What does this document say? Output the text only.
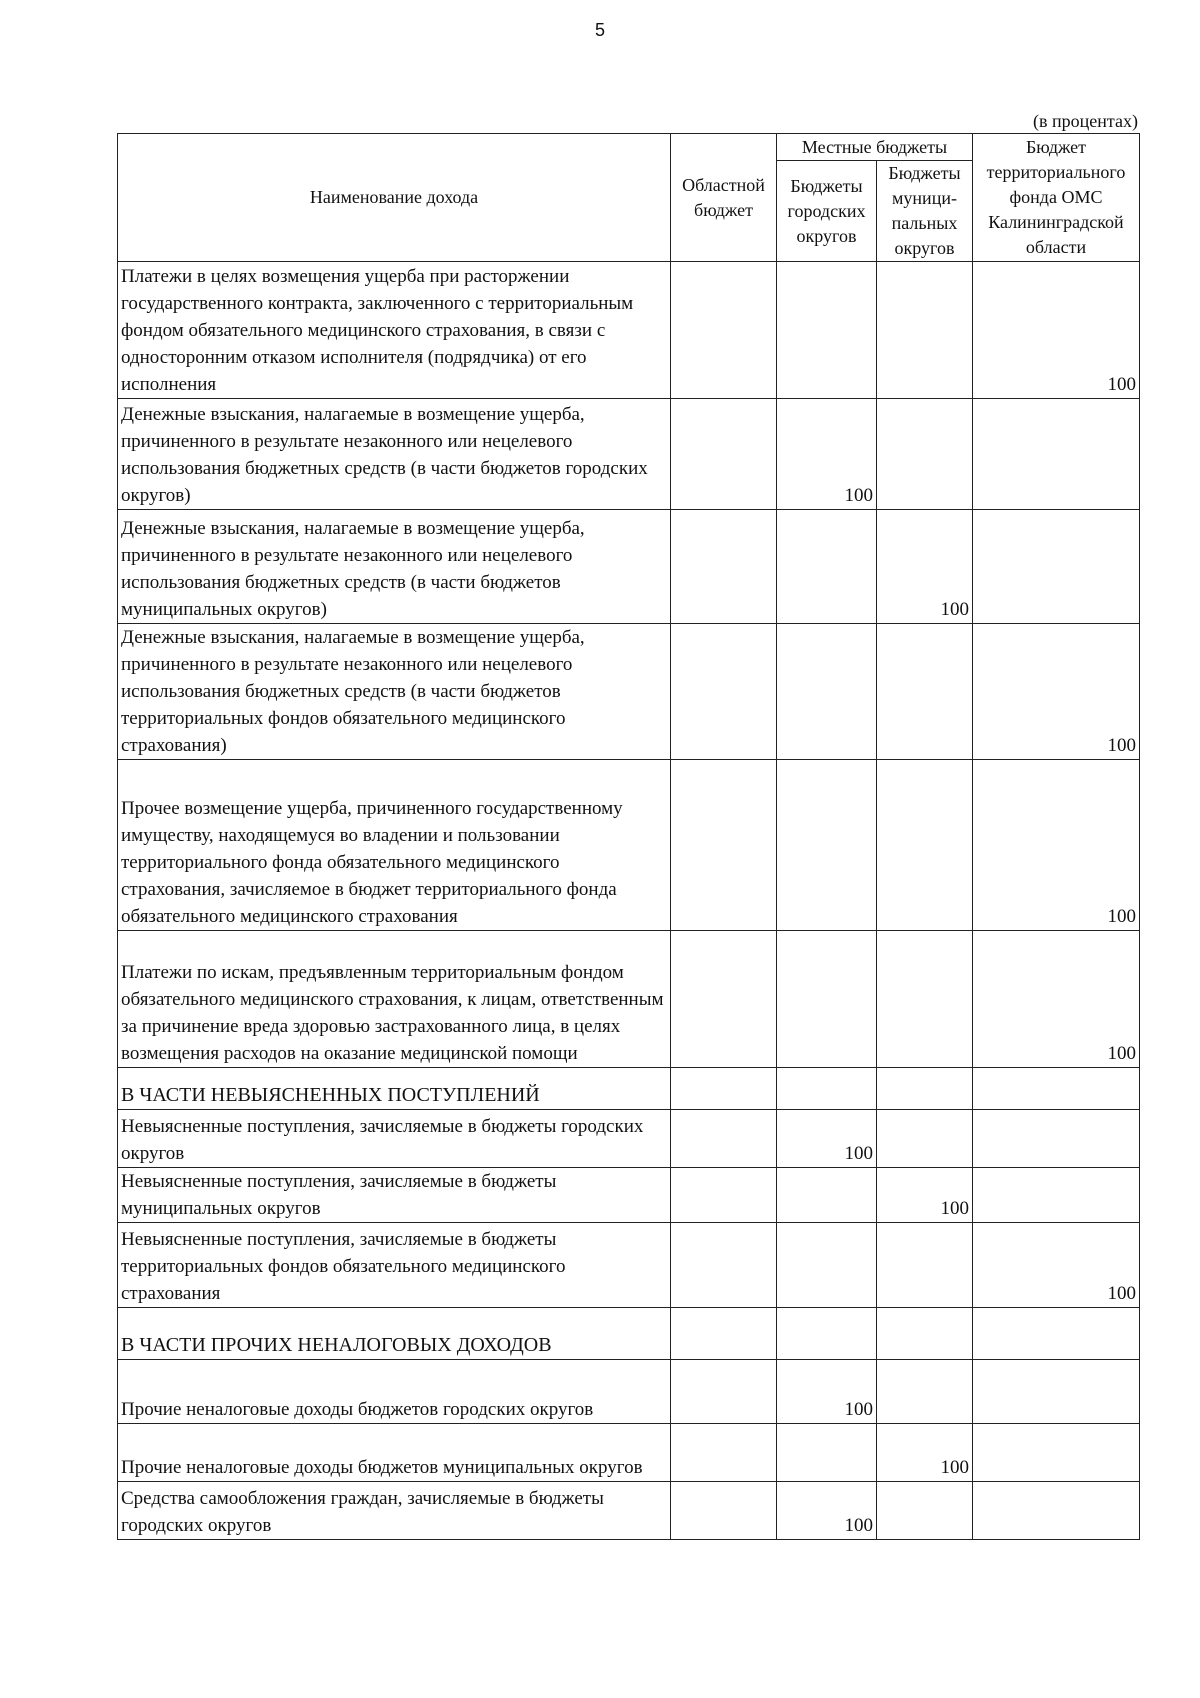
5
(в процентах)
Наименование дохода	Областной бюджет	Местные бюджеты		Бюджет территориального фонда ОМС Калининградской области
		Бюджеты городских округов	Бюджеты муници- пальных округов	
Платежи в целях возмещения ущерба при расторжении государственного контракта, заключенного с территориальным фондом обязательного медицинского страхования, в связи с односторонним отказом исполнителя (подрядчика) от его исполнения				100
Денежные взыскания, налагаемые в возмещение ущерба, причиненного в результате незаконного или нецелевого использования бюджетных средств (в части бюджетов городских округов)		100		
Денежные взыскания, налагаемые в возмещение ущерба, причиненного в результате незаконного или нецелевого использования бюджетных средств (в части бюджетов муниципальных округов)			100	
Денежные взыскания, налагаемые в возмещение ущерба, причиненного в результате незаконного или нецелевого использования бюджетных средств (в части бюджетов территориальных фондов обязательного медицинского страхования)				100
Прочее возмещение ущерба, причиненного государственному имуществу, находящемуся во владении и пользовании территориального фонда обязательного медицинского страхования, зачисляемое в бюджет территориального фонда обязательного медицинского страхования				100
Платежи по искам, предъявленным территориальным фондом обязательного медицинского страхования, к лицам, ответственным за причинение вреда здоровью застрахованного лица, в целях возмещения расходов на оказание медицинской помощи				100
В ЧАСТИ НЕВЫЯСНЕННЫХ ПОСТУПЛЕНИЙ				
Невыясненные поступления, зачисляемые в бюджеты городских округов		100		
Невыясненные поступления, зачисляемые в бюджеты муниципальных округов			100	
Невыясненные поступления, зачисляемые в бюджеты территориальных фондов обязательного медицинского страхования				100
В ЧАСТИ ПРОЧИХ НЕНАЛОГОВЫХ ДОХОДОВ				
Прочие неналоговые доходы бюджетов городских округов		100		
Прочие неналоговые доходы бюджетов муниципальных округов			100	
Средства самообложения граждан, зачисляемые в бюджеты городских округов		100		
